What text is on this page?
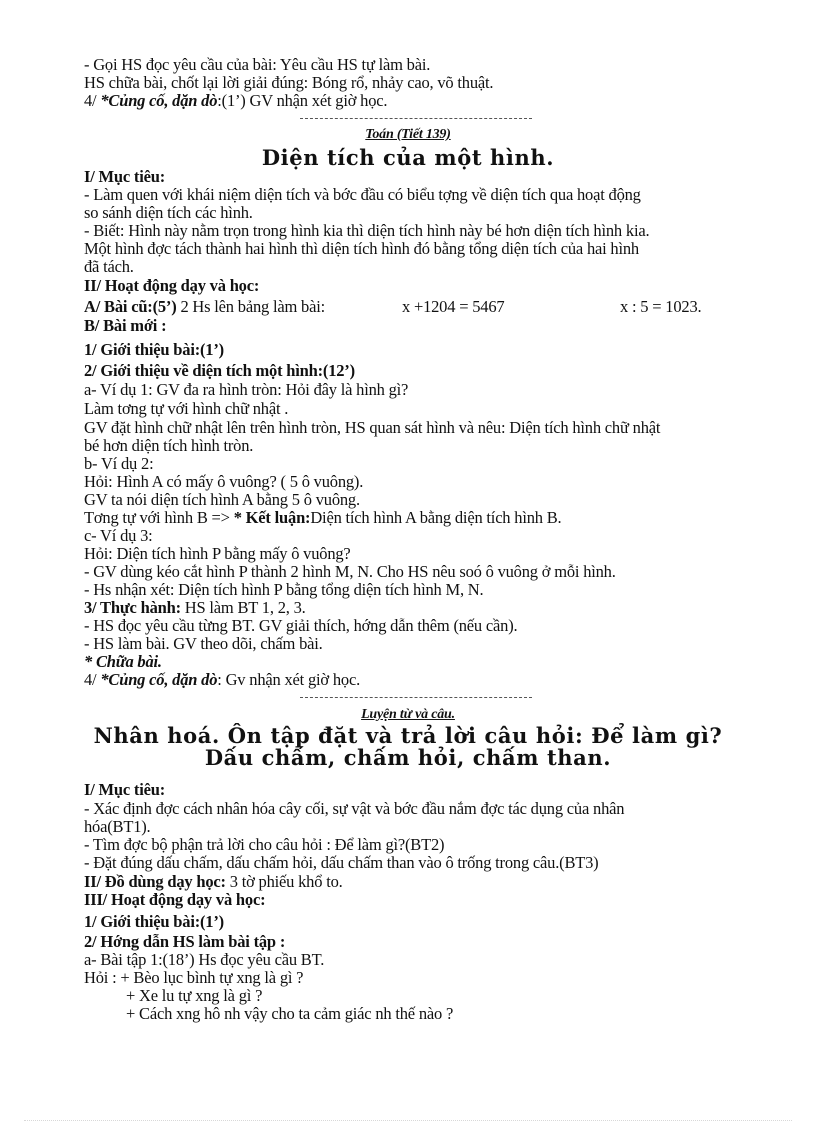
- Gọi HS đọc yêu cầu của bài: Yêu cầu HS tự làm bài.
HS chữa bài, chốt lại lời giải đúng: Bóng rổ, nhảy cao, võ thuật.
4/ *Củng cố, dặn dò:(1’) GV nhận xét giờ học.
Toán (Tiết 139)
Diện tích của một hình.
I/ Mục tiêu:
- Làm quen với khái niệm diện tích và bớc đầu có biểu tợng về diện tích qua hoạt động
so sánh diện tích các hình.
- Biết: Hình này nằm trọn trong hình kia thì diện tích hình này bé hơn diện tích hình kia.
Một hình đợc tách thành hai hình thì diện tích hình đó bằng tổng diện tích của hai hình
đã tách.
II/ Hoạt động dạy và học:
A/ Bài cũ:(5’) 2 Hs lên bảng làm bài:	x +1204 = 5467	x : 5 = 1023.
B/ Bài mới :
1/ Giới thiệu bài:(1’)
2/ Giới thiệu về diện tích một hình:(12’)
a- Ví dụ 1: GV đa ra hình tròn: Hỏi đây là hình gì?
Làm tơng tự với hình chữ nhật .
GV đặt hình chữ nhật lên trên hình tròn, HS quan sát hình và nêu: Diện tích hình chữ nhật
bé hơn diện tích hình tròn.
b- Ví dụ 2:
Hỏi: Hình A có mấy ô vuông? ( 5 ô vuông).
GV ta nói diện tích hình A bằng 5 ô vuông.
Tơng tự với hình B => * Kết luận:Diện tích hình A bằng diện tích hình B.
c- Ví dụ 3:
Hỏi: Diện tích hình P bằng mấy ô vuông?
- GV dùng kéo cắt hình P thành 2 hình M, N. Cho HS nêu soó ô vuông ở mỗi hình.
- Hs nhận xét: Diện tích hình P bằng tổng diện tích hình M, N.
3/ Thực hành: HS làm BT 1, 2, 3.
- HS đọc yêu cầu từng BT. GV giải thích, hớng dẫn thêm (nếu cần).
- HS làm bài. GV theo dõi, chấm bài.
* Chữa bài.
4/ *Củng cố, dặn dò: Gv nhận xét giờ học.
Luyện từ và câu.
Nhân hoá. Ôn tập đặt và trả lời câu hỏi: Để làm gì?
Dấu chấm, chấm hỏi, chấm than.
I/ Mục tiêu:
- Xác định đợc cách nhân hóa cây cối, sự vật và bớc đầu nắm đợc tác dụng của nhân
hóa(BT1).
- Tìm đợc bộ phận trả lời cho câu hỏi : Để làm gì?(BT2)
- Đặt đúng dấu chấm, dấu chấm hỏi, dấu chấm than vào ô trống trong câu.(BT3)
II/ Đồ dùng dạy học: 3 tờ phiếu khổ to.
III/ Hoạt động dạy và học:
1/ Giới thiệu bài:(1’)
2/ Hớng dẫn HS làm bài tập :
a- Bài tập 1:(18’) Hs đọc yêu cầu BT.
Hỏi : + Bèo lục bình tự xng là gì ?
+ Xe lu tự xng là gì ?
+ Cách xng hô nh vậy cho ta cảm giác nh thế nào ?
